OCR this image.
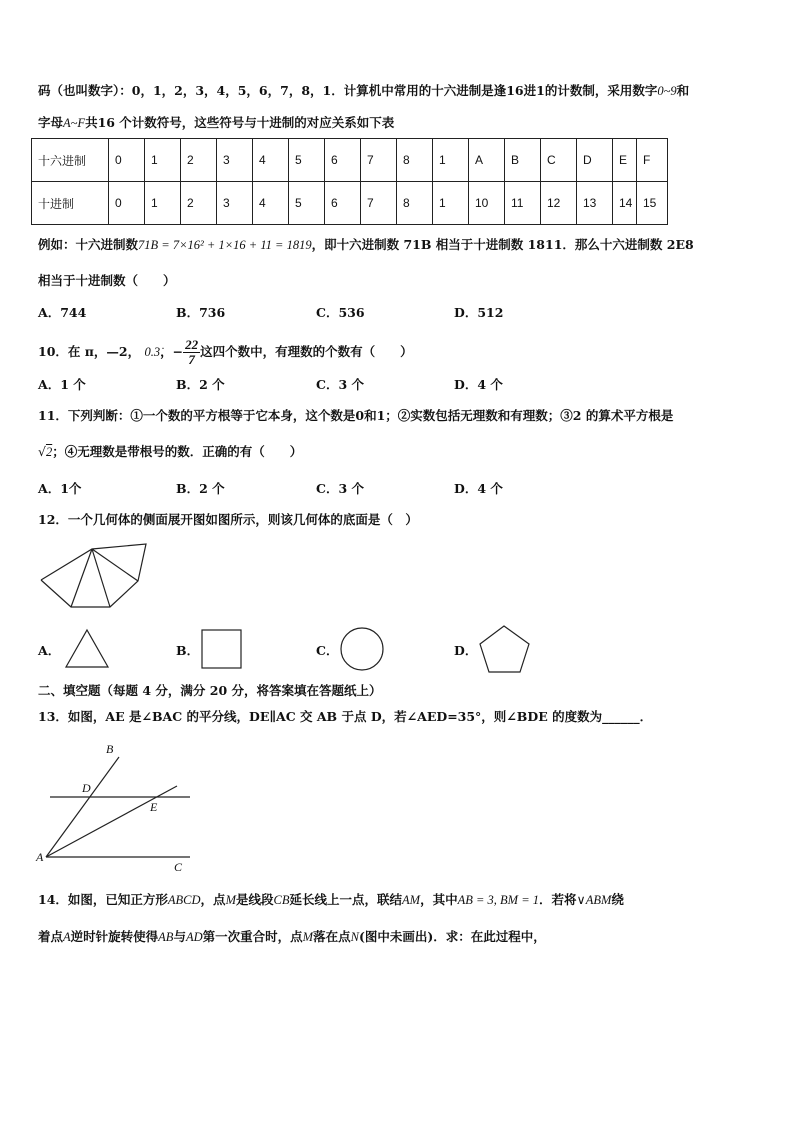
码（也叫数字）：0，1，2，3，4，5，6，7，8，1．计算机中常用的十六进制是逢16进1的计数制，采用数字0~9和
字母A~F共16 个计数符号，这些符号与十进制的对应关系如下表
十六进制	0	1	2	3	4	5	6	7	8	1	A	B	C	D	E	F
十进制	0	1	2	3	4	5	6	7	8	1	10	11	12	13	14	15
例如：十六进制数71B = 7×16² + 1×16 + 11 = 1819，即十六进制数 71B 相当于十进制数 1811．那么十六进制数 2E8
相当于十进制数（　　）
A．744	B．736	C．536	D．512
10．在 π，—2， 0.3̇，− $\frac{22}{7}$ 这四个数中，有理数的个数有（　　）
A．1 个	B．2 个	C．3 个	D．4 个
11．下列判断：①一个数的平方根等于它本身，这个数是0和1；②实数包括无理数和有理数；③2 的算术平方根是
√2；④无理数是带根号的数．正确的有（　　）
A．1个	B．2 个	C．3 个	D．4 个
12．一个几何体的侧面展开图如图所示，则该几何体的底面是（　）
A．	B．	C．	D．
二、填空题（每题 4 分，满分 20 分，将答案填在答题纸上）
13．如图，AE 是∠BAC 的平分线，DE∥AC 交 AB 于点 D，若∠AED=35°，则∠BDE 的度数为______．
B
D
E
A
C
14．如图，已知正方形ABCD，点M是线段CB延长线上一点，联结AM，其中AB = 3, BM = 1．若将∨ABM绕
着点A逆时针旋转使得AB与AD第一次重合时，点M落在点N(图中未画出)．求：在此过程中，
